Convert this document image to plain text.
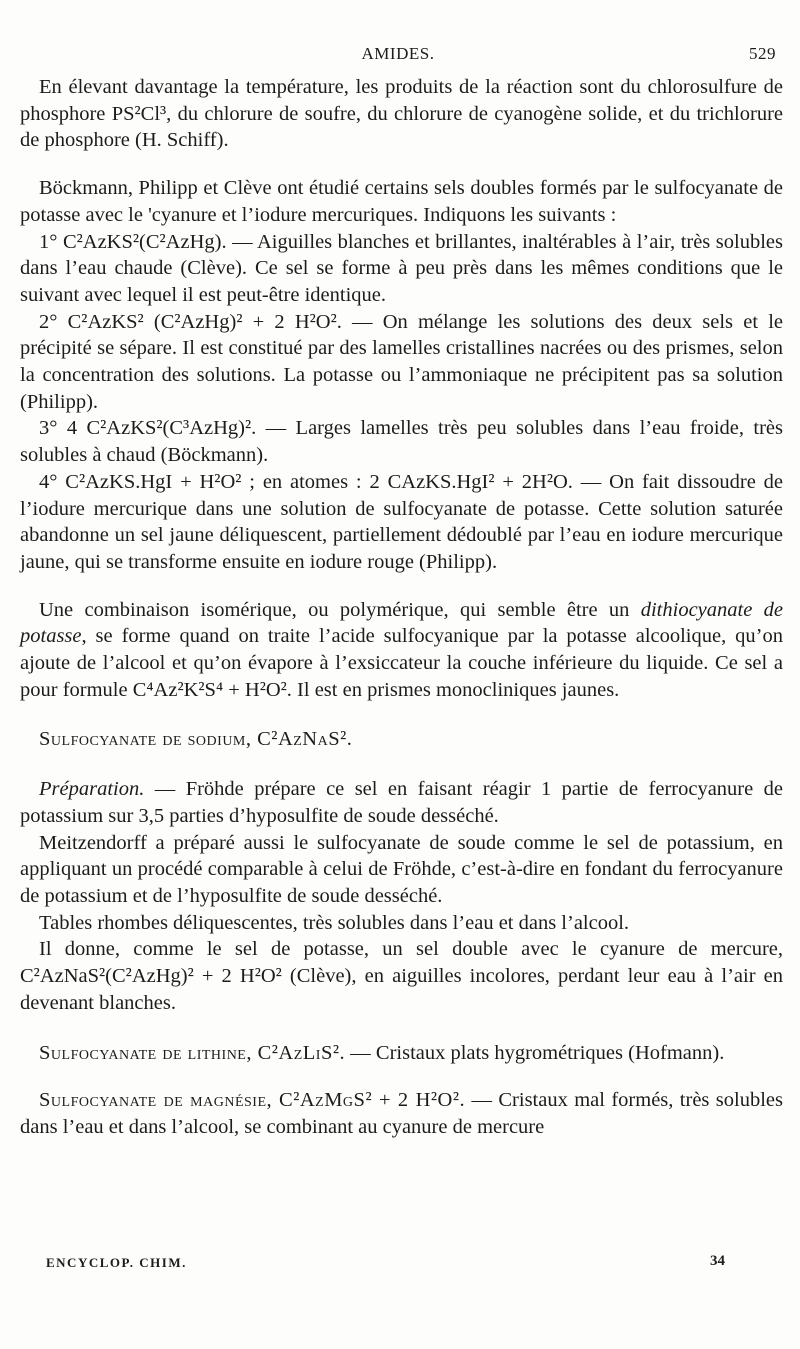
AMIDES.	529

En élevant davantage la température, les produits de la réaction sont du chlorosulfure de phosphore PS²Cl³, du chlorure de soufre, du chlorure de cyanogène solide, et du trichlorure de phosphore (H. Schiff).

Böckmann, Philipp et Clève ont étudié certains sels doubles formés par le sulfocyanate de potasse avec le 'cyanure et l’iodure mercuriques. Indiquons les suivants :

1° C²AzKS²(C²AzHg). — Aiguilles blanches et brillantes, inaltérables à l’air, très solubles dans l’eau chaude (Clève). Ce sel se forme à peu près dans les mêmes conditions que le suivant avec lequel il est peut-être identique.

2° C²AzKS² (C²AzHg)² + 2 H²O². — On mélange les solutions des deux sels et le précipité se sépare. Il est constitué par des lamelles cristallines nacrées ou des prismes, selon la concentration des solutions. La potasse ou l’ammoniaque ne précipitent pas sa solution (Philipp).

3° 4 C²AzKS²(C³AzHg)². — Larges lamelles très peu solubles dans l’eau froide, très solubles à chaud (Böckmann).

4° C²AzKS.HgI + H²O² ; en atomes : 2 CAzKS.HgI² + 2H²O. — On fait dissoudre de l’iodure mercurique dans une solution de sulfocyanate de potasse. Cette solution saturée abandonne un sel jaune déliquescent, partiellement dédoublé par l’eau en iodure mercurique jaune, qui se transforme ensuite en iodure rouge (Philipp).

Une combinaison isomérique, ou polymérique, qui semble être un dithiocyanate de potasse, se forme quand on traite l’acide sulfocyanique par la potasse alcoolique, qu’on ajoute de l’alcool et qu’on évapore à l’exsiccateur la couche inférieure du liquide. Ce sel a pour formule C⁴Az²K²S⁴ + H²O². Il est en prismes monocliniques jaunes.

Sulfocyanate de sodium, C²AzNaS².

Préparation. — Fröhde prépare ce sel en faisant réagir 1 partie de ferrocyanure de potassium sur 3,5 parties d’hyposulfite de soude desséché.

Meitzendorff a préparé aussi le sulfocyanate de soude comme le sel de potassium, en appliquant un procédé comparable à celui de Fröhde, c’est-à-dire en fondant du ferrocyanure de potassium et de l’hyposulfite de soude desséché.

Tables rhombes déliquescentes, très solubles dans l’eau et dans l’alcool.

Il donne, comme le sel de potasse, un sel double avec le cyanure de mercure, C²AzNaS²(C²AzHg)² + 2 H²O² (Clève), en aiguilles incolores, perdant leur eau à l’air en devenant blanches.

Sulfocyanate de lithine, C²AzLiS². — Cristaux plats hygrométriques (Hofmann).

Sulfocyanate de magnésie, C²AzMgS² + 2 H²O². — Cristaux mal formés, très solubles dans l’eau et dans l’alcool, se combinant au cyanure de mercure

ENCYCLOP. CHIM.	34
